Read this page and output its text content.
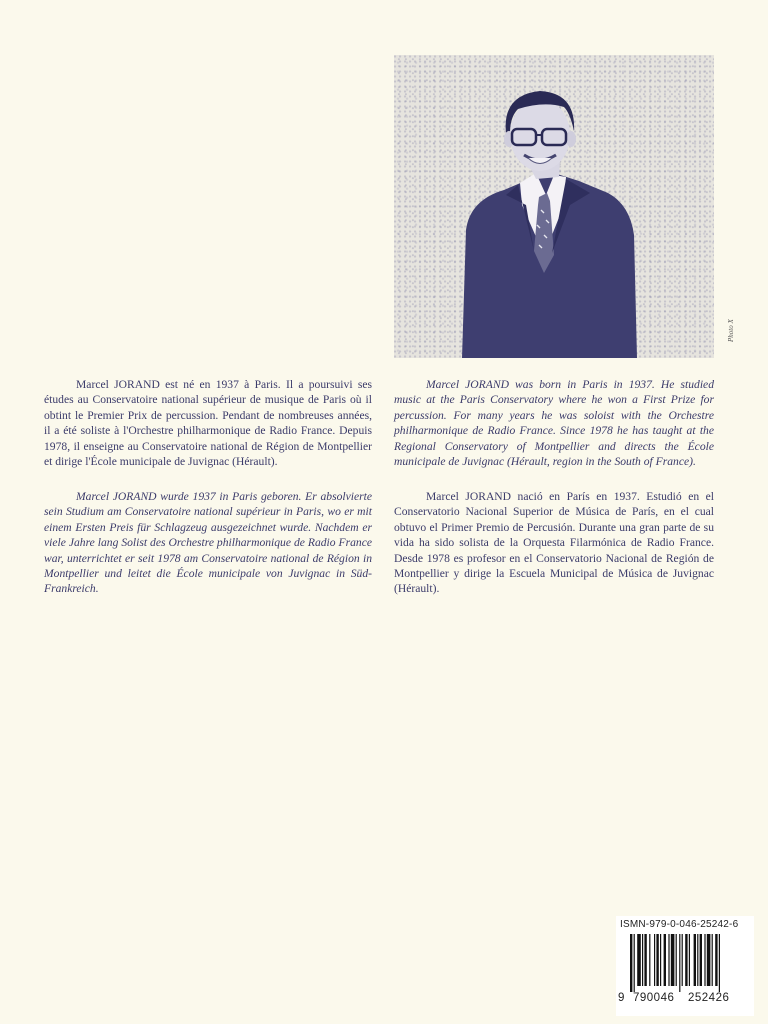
Photo X

Marcel JORAND est né en 1937 à Paris. Il a poursuivi ses études au Conservatoire national supérieur de musique de Paris où il obtint le Premier Prix de percussion. Pendant de nombreuses années, il a été soliste à l'Orchestre philharmonique de Radio France. Depuis 1978, il enseigne au Conservatoire national de Région de Montpellier et dirige l'École municipale de Juvignac (Hérault).

Marcel JORAND wurde 1937 in Paris geboren. Er absolvierte sein Studium am Conservatoire national supérieur in Paris, wo er mit einem Ersten Preis für Schlagzeug ausgezeichnet wurde. Nachdem er viele Jahre lang Solist des Orchestre philharmonique de Radio France war, unterrichtet er seit 1978 am Conservatoire national de Région in Montpellier und leitet die École municipale von Juvignac in Süd-Frankreich.

Marcel JORAND was born in Paris in 1937. He studied music at the Paris Conservatory where he won a First Prize for percussion. For many years he was soloist with the Orchestre philharmonique de Radio France. Since 1978 he has taught at the Regional Conservatory of Montpellier and directs the École municipale de Juvignac (Hérault, region in the South of France).

Marcel JORAND nació en París en 1937. Estudió en el Conservatorio Nacional Superior de Música de París, en el cual obtuvo el Primer Premio de Percusión. Durante una gran parte de su vida ha sido solista de la Orquesta Filarmónica de Radio France. Desde 1978 es profesor en el Conservatorio Nacional de Región de Montpellier y dirige la Escuela Municipal de Música de Juvignac (Hérault).

ISMN-979-0-046-25242-6
9 790046 252426
